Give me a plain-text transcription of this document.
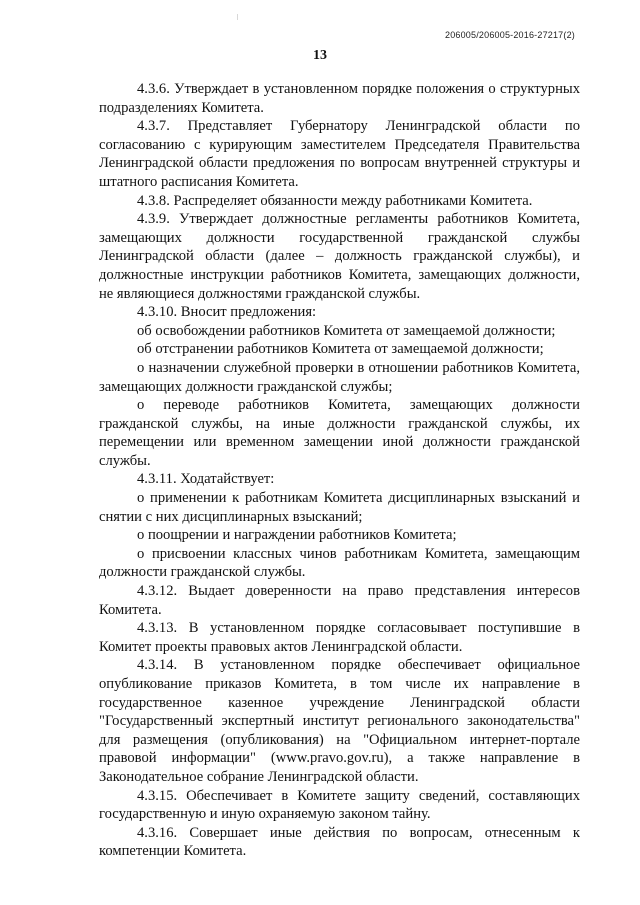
206005/206005-2016-27217(2)
13

4.3.6. Утверждает в установленном порядке положения о структурных подразделениях Комитета.

4.3.7. Представляет Губернатору Ленинградской области по согласованию с курирующим заместителем Председателя Правительства Ленинградской области предложения по вопросам внутренней структуры и штатного расписания Комитета.

4.3.8. Распределяет обязанности между работниками Комитета.

4.3.9. Утверждает должностные регламенты работников Комитета, замещающих должности государственной гражданской службы Ленинградской области (далее – должность гражданской службы), и должностные инструкции работников Комитета, замещающих должности, не являющиеся должностями гражданской службы.

4.3.10. Вносит предложения:

об освобождении работников Комитета от замещаемой должности;

об отстранении работников Комитета от замещаемой должности;

о назначении служебной проверки в отношении работников Комитета, замещающих должности гражданской службы;

о переводе работников Комитета, замещающих должности гражданской службы, на иные должности гражданской службы, их перемещении или временном замещении иной должности гражданской службы.

4.3.11. Ходатайствует:

о применении к работникам Комитета дисциплинарных взысканий и снятии с них дисциплинарных взысканий;

о поощрении и награждении работников Комитета;

о присвоении классных чинов работникам Комитета, замещающим должности гражданской службы.

4.3.12. Выдает доверенности на право представления интересов Комитета.

4.3.13. В установленном порядке согласовывает поступившие в Комитет проекты правовых актов Ленинградской области.

4.3.14. В установленном порядке обеспечивает официальное опубликование приказов Комитета, в том числе их направление в государственное казенное учреждение Ленинградской области "Государственный экспертный институт регионального законодательства" для размещения (опубликования) на "Официальном интернет-портале правовой информации" (www.pravo.gov.ru), а также направление в Законодательное собрание Ленинградской области.

4.3.15. Обеспечивает в Комитете защиту сведений, составляющих государственную и иную охраняемую законом тайну.

4.3.16. Совершает иные действия по вопросам, отнесенным к компетенции Комитета.
